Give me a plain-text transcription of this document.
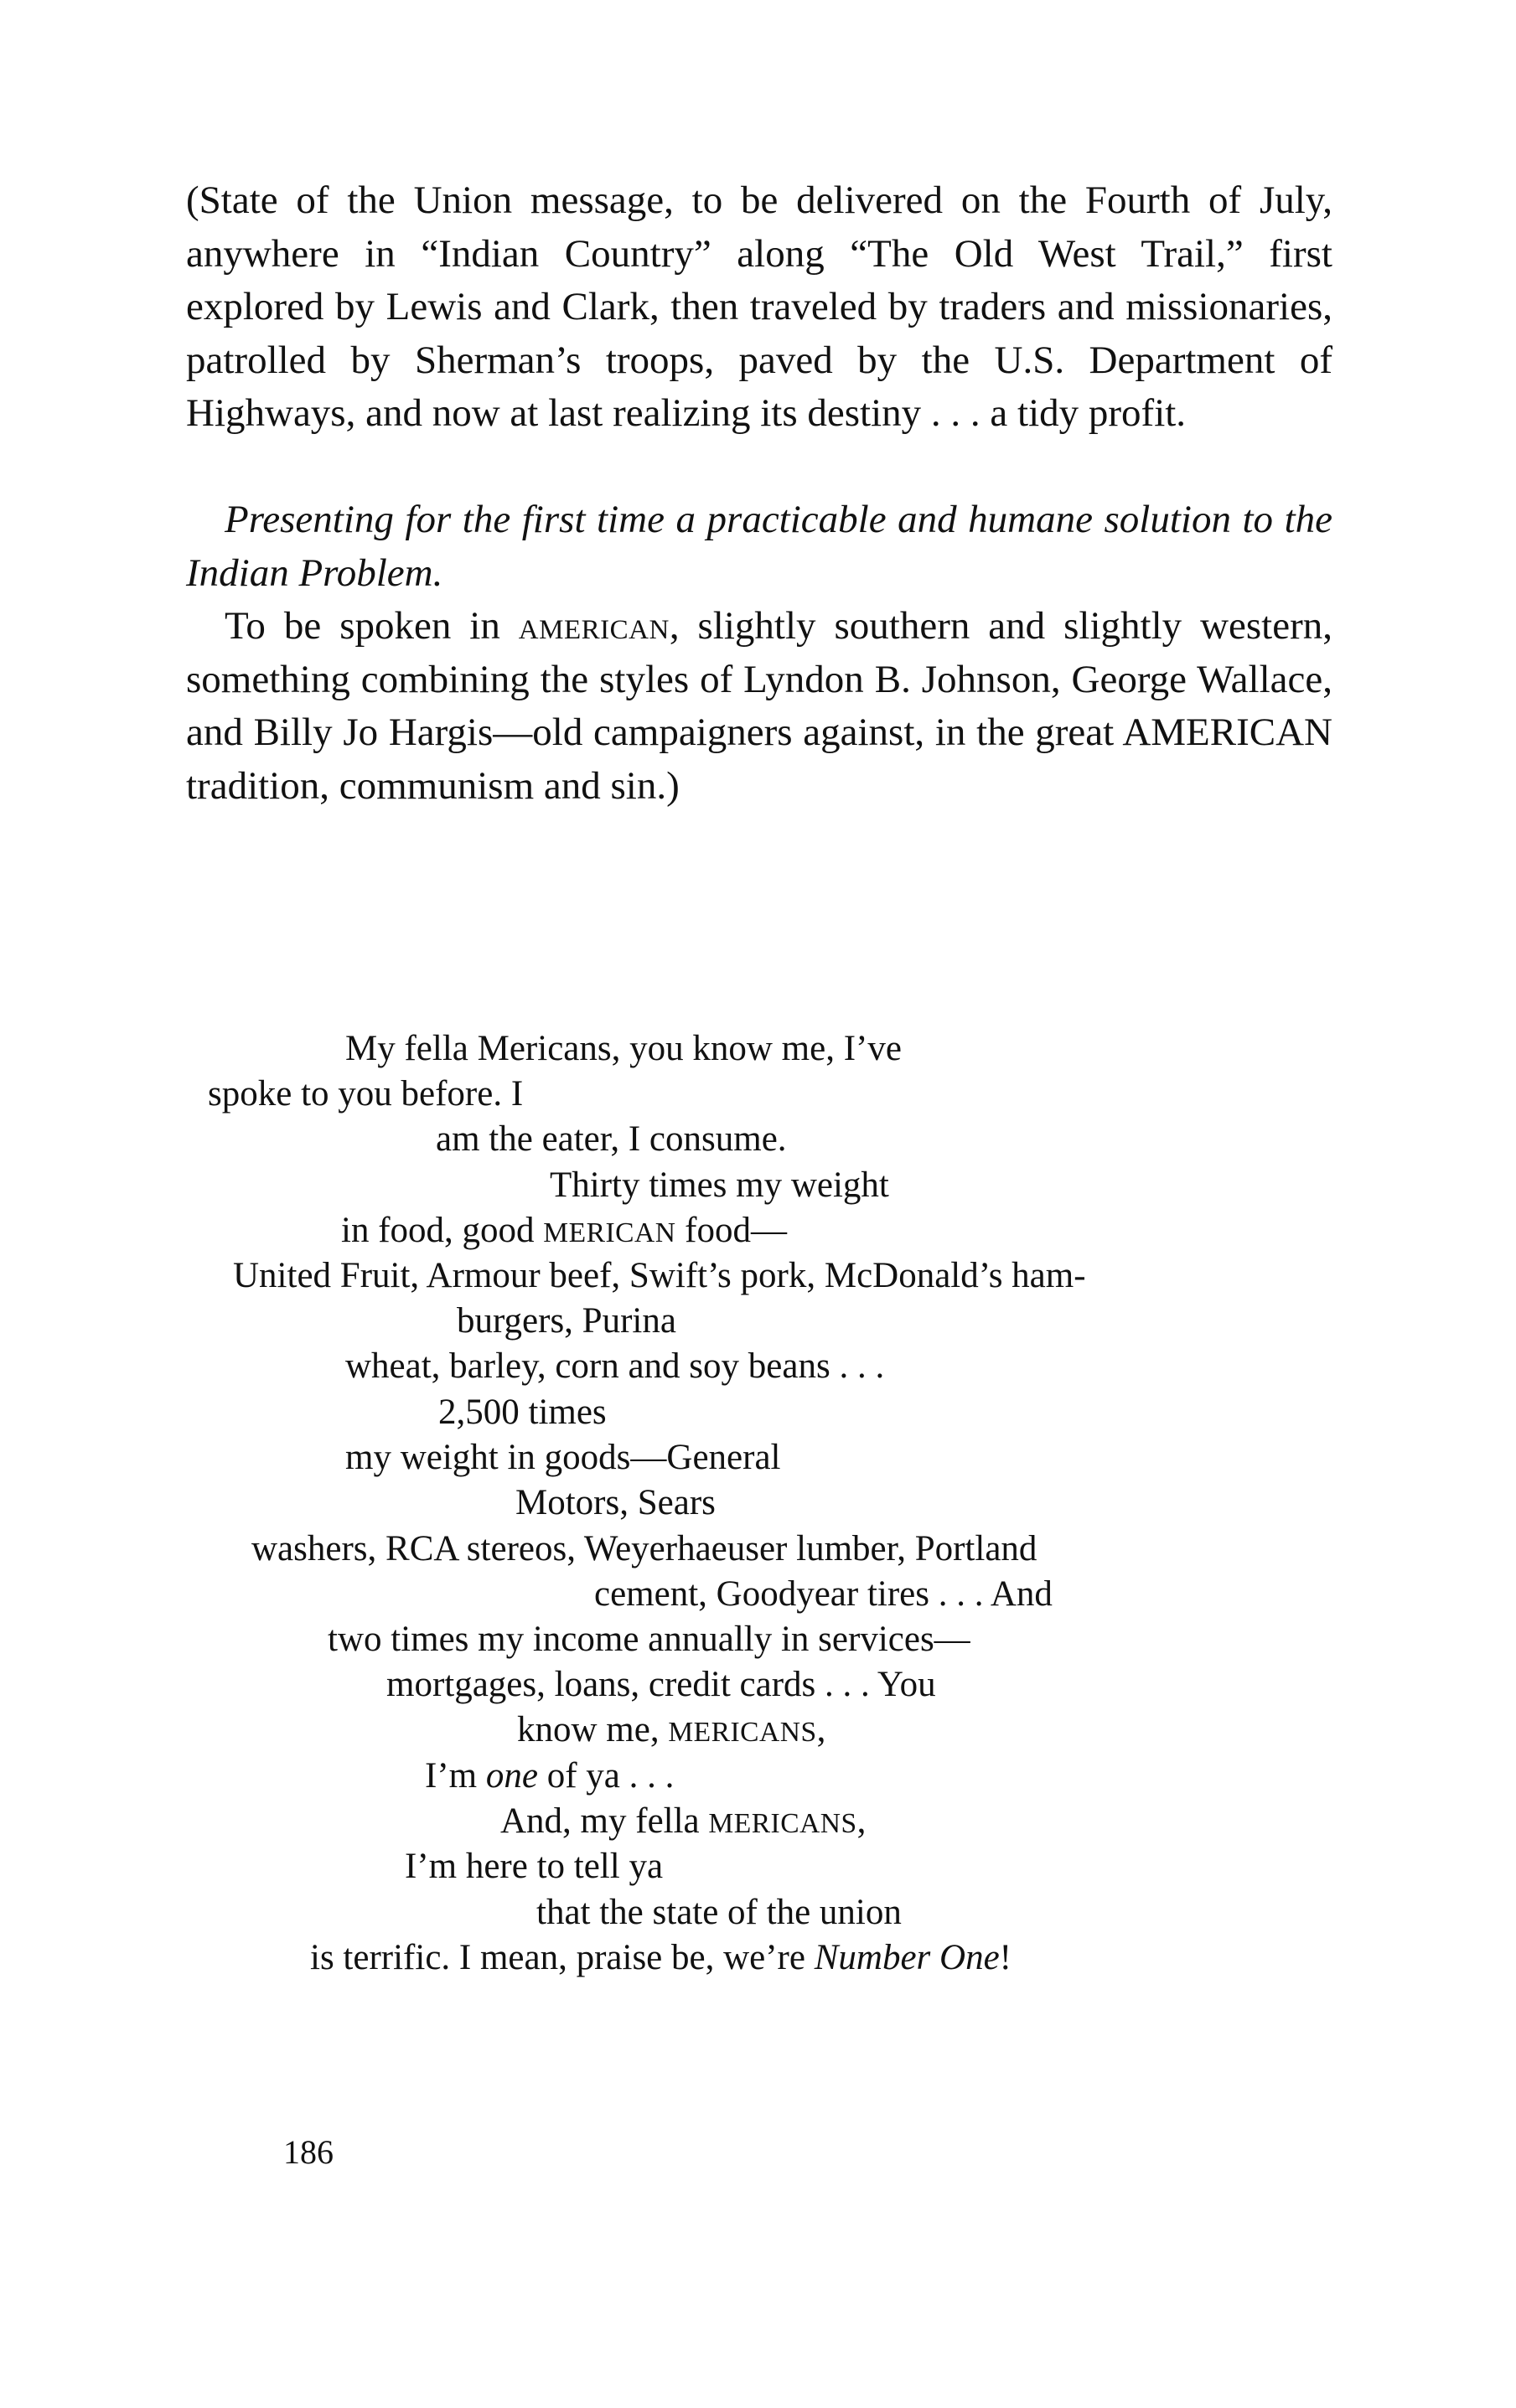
(State of the Union message, to be delivered on the Fourth of July, anywhere in “Indian Country” along “The Old West Trail,” first explored by Lewis and Clark, then traveled by traders and missionaries, patrolled by Sherman’s troops, paved by the U.S. Department of Highways, and now at last realizing its destiny . . . a tidy profit.

Presenting for the first time a practicable and humane solution to the Indian Problem.

To be spoken in american, slightly southern and slightly western, something combining the styles of Lyndon B. Johnson, George Wallace, and Billy Jo Hargis—old campaigners against, in the great AMERICAN tradition, communism and sin.)

My fella Mericans, you know me, I’ve
spoke to you before. I
am the eater, I consume.
Thirty times my weight
in food, good MERICAN food—
United Fruit, Armour beef, Swift’s pork, McDonald’s ham-
burgers, Purina
wheat, barley, corn and soy beans . . .
2,500 times
my weight in goods—General
Motors, Sears
washers, RCA stereos, Weyerhaeuser lumber, Portland
cement, Goodyear tires . . . And
two times my income annually in services—
mortgages, loans, credit cards . . . You
know me, MERICANS,
I’m one of ya . . .
And, my fella MERICANS,
I’m here to tell ya
that the state of the union
is terrific. I mean, praise be, we’re Number One!
186
